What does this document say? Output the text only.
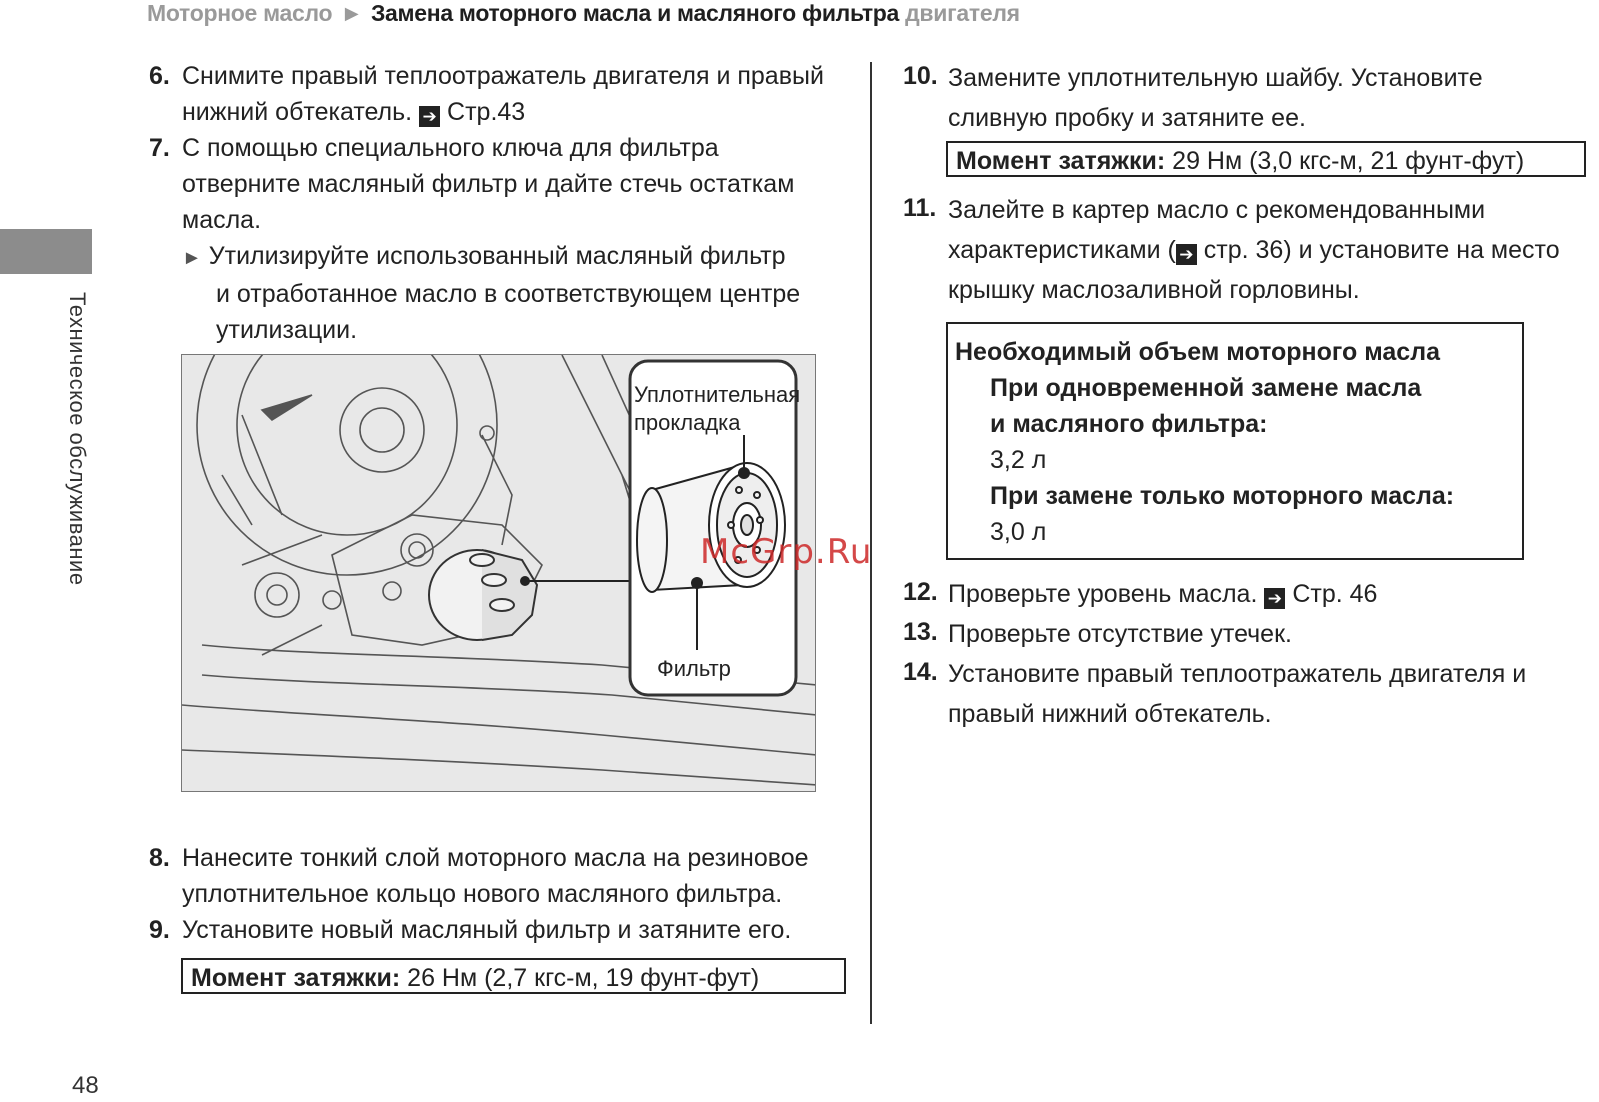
Моторное масло ► Замена моторного масла и масляного фильтра двигателя
Техническое обслуживание
6. Снимите правый теплоотражатель двигателя и правый
нижний обтекатель. ➔ Стр.43
7. С помощью специального ключа для фильтра
отверните масляный фильтр и дайте стечь остаткам
масла.
► Утилизируйте использованный масляный фильтр
и отработанное масло в соответствующем центре
утилизации.
Уплотнительная
прокладка
Фильтр
8. Нанесите тонкий слой моторного масла на резиновое
уплотнительное кольцо нового масляного фильтра.
9. Установите новый масляный фильтр и затяните его.
Момент затяжки: 26 Нм (2,7 кгс-м, 19 фунт-фут)
10. Замените уплотнительную шайбу. Установите
сливную пробку и затяните ее.
Момент затяжки: 29 Нм (3,0 кгс-м, 21 фунт-фут)
11. Залейте в картер масло с рекомендованными
характеристиками ( ➔ стр. 36) и установите на место
крышку маслозаливной горловины.
Необходимый объем моторного масла
При одновременной замене масла
и масляного фильтра:
3,2 л
При замене только моторного масла:
3,0 л
12. Проверьте уровень масла. ➔ Стр. 46
13. Проверьте отсутствие утечек.
14. Установите правый теплоотражатель двигателя и
правый нижний обтекатель.
McGrp.Ru
48
